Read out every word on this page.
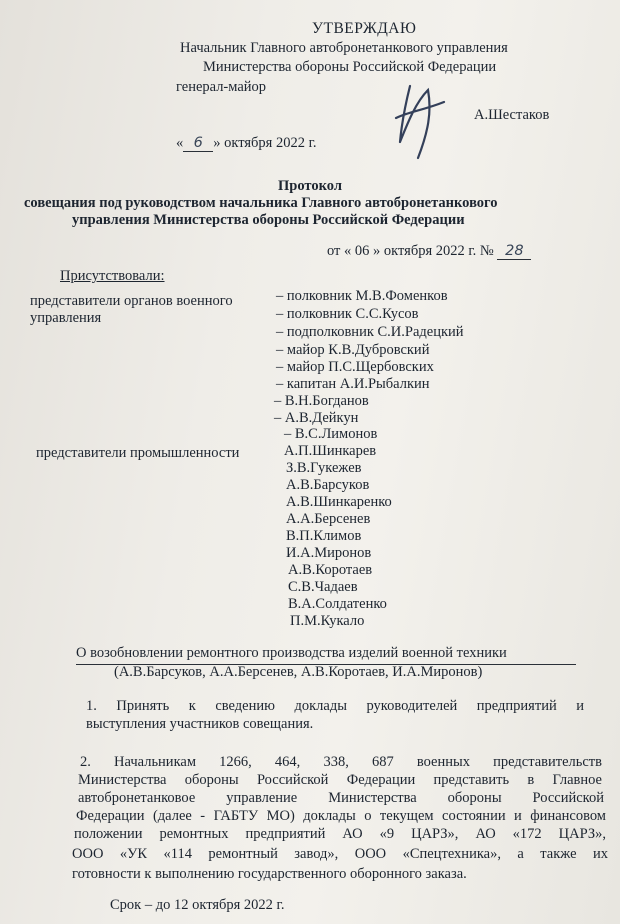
УТВЕРЖДАЮ
Начальник Главного автобронетанкового управления
Министерства обороны Российской Федерации
генерал-майор
А.Шестаков
« 6 » октября 2022 г.
Протокол
совещания под руководством начальника Главного автобронетанкового
управления Министерства обороны Российской Федерации
от « 06 » октября 2022 г. № 28
Присутствовали:
представители органов военного
управления
– полковник М.В.Фоменков
– полковник С.С.Кусов
– подполковник С.И.Радецкий
– майор К.В.Дубровский
– майор П.С.Щербовских
– капитан А.И.Рыбалкин
– В.Н.Богданов
– А.В.Дейкун
– В.С.Лимонов
представители промышленности	А.П.Шинкарев
З.В.Гукежев
А.В.Барсуков
А.В.Шинкаренко
А.А.Берсенев
В.П.Климов
И.А.Миронов
А.В.Коротаев
С.В.Чадаев
В.А.Солдатенко
П.М.Кукало
О возобновлении ремонтного производства изделий военной техники
(А.В.Барсуков, А.А.Берсенев, А.В.Коротаев, И.А.Миронов)
1. Принять к сведению доклады руководителей предприятий и
выступления участников совещания.
2. Начальникам 1266, 464, 338, 687 военных представительств
Министерства обороны Российской Федерации представить в Главное
автобронетанковое управление Министерства обороны Российской
Федерации (далее - ГАБТУ МО) доклады о текущем состоянии и финансовом
положении ремонтных предприятий АО «9 ЦАРЗ», АО «172 ЦАРЗ»,
ООО «УК «114 ремонтный завод», ООО «Спецтехника», а также их
готовности к выполнению государственного оборонного заказа.
Срок – до 12 октября 2022 г.
